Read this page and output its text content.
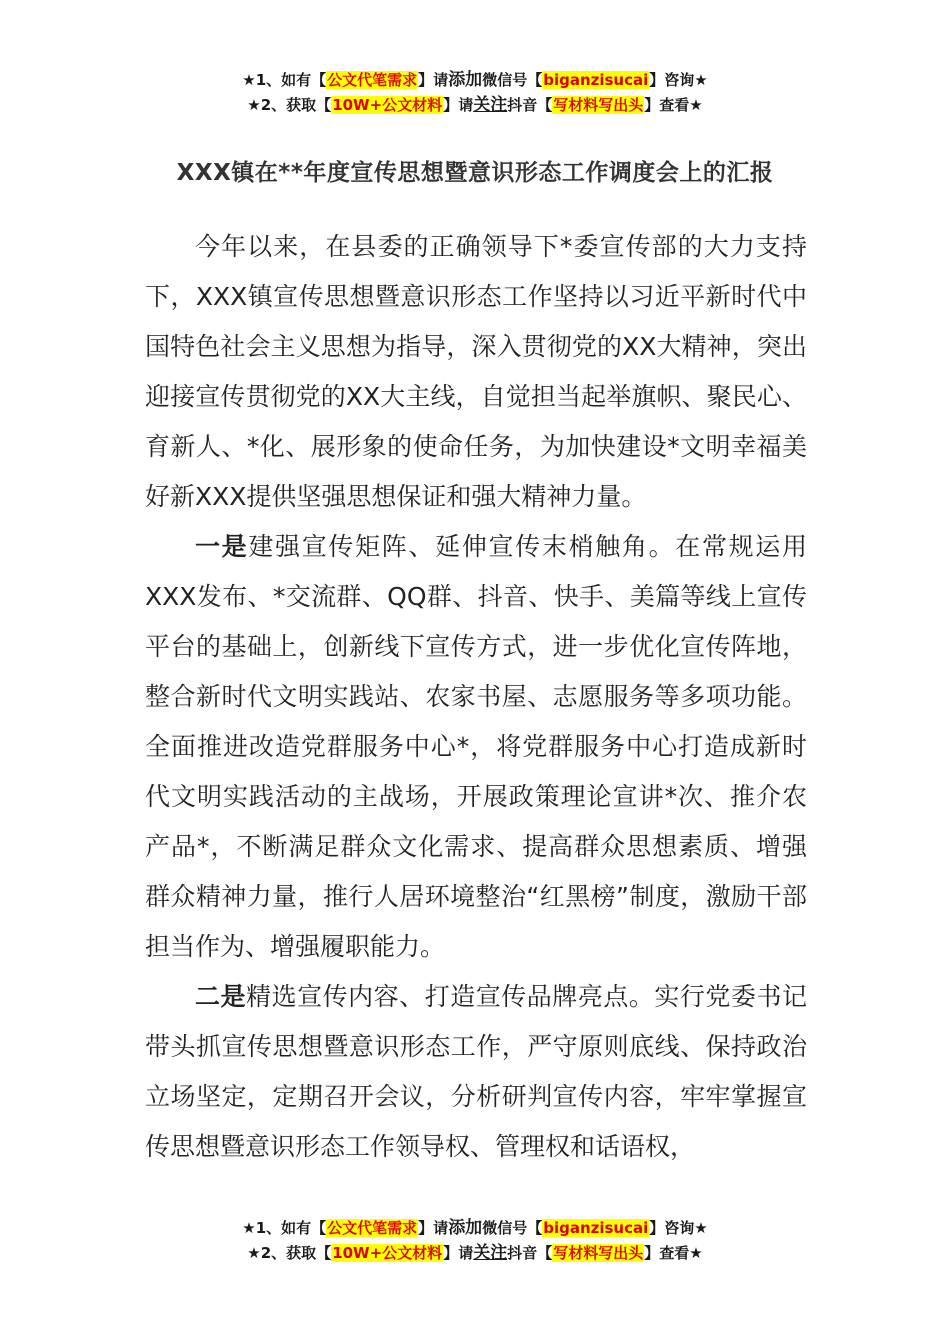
★1、如有【公文代笔需求】请添加微信号【biganzisucai】咨询★
★2、获取【10W+公文材料】请关注抖音【写材料写出头】查看★
XXX镇在**年度宣传思想暨意识形态工作调度会上的汇报

今年以来，在县委的正确领导下*委宣传部的大力支持下，XXX镇宣传思想暨意识形态工作坚持以习近平新时代中国特色社会主义思想为指导，深入贯彻党的XX大精神，突出迎接宣传贯彻党的XX大主线，自觉担当起举旗帜、聚民心、育新人、*化、展形象的使命任务，为加快建设*文明幸福美好新XXX提供坚强思想保证和强大精神力量。

一是建强宣传矩阵、延伸宣传末梢触角。在常规运用XXX发布、*交流群、QQ群、抖音、快手、美篇等线上宣传平台的基础上，创新线下宣传方式，进一步优化宣传阵地，整合新时代文明实践站、农家书屋、志愿服务等多项功能。全面推进改造党群服务中心*，将党群服务中心打造成新时代文明实践活动的主战场，开展政策理论宣讲*次、推介农产品*，不断满足群众文化需求、提高群众思想素质、增强群众精神力量，推行人居环境整治“红黑榜”制度，激励干部担当作为、增强履职能力。

二是精选宣传内容、打造宣传品牌亮点。实行党委书记带头抓宣传思想暨意识形态工作，严守原则底线、保持政治立场坚定，定期召开会议，分析研判宣传内容，牢牢掌握宣传思想暨意识形态工作领导权、管理权和话语权，

★1、如有【公文代笔需求】请添加微信号【biganzisucai】咨询★
★2、获取【10W+公文材料】请关注抖音【写材料写出头】查看★
